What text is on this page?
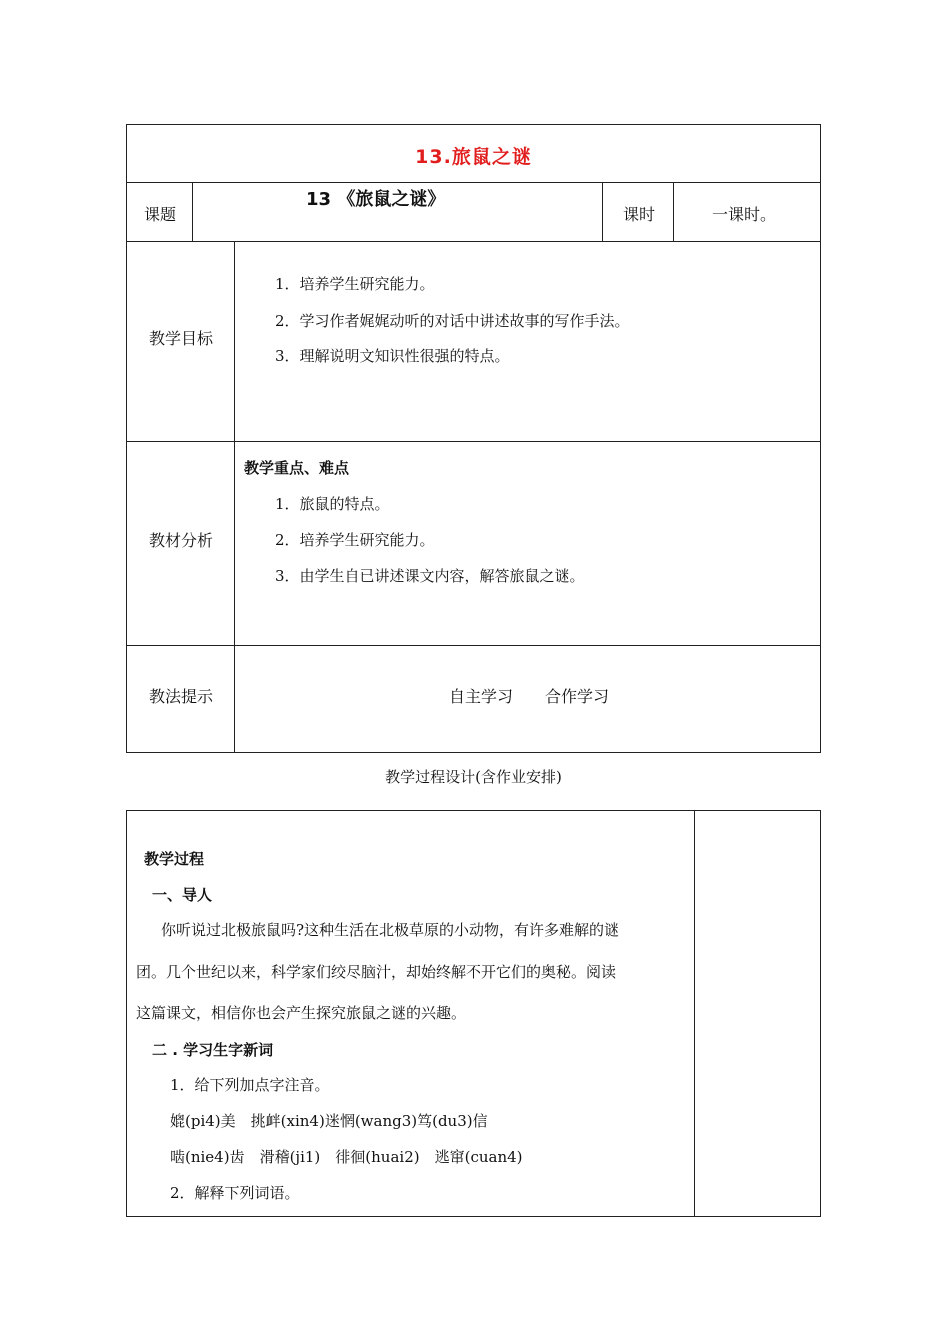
13.旅鼠之谜
课题
13 《旅鼠之谜》
课时	一课时。
教学目标
1．培养学生研究能力。
2．学习作者娓娓动听的对话中讲述故事的写作手法。
3．理解说明文知识性很强的特点。
教材分析
教学重点、难点
1．旅鼠的特点。
2．培养学生研究能力。
3．由学生自已讲述课文内容，解答旅鼠之谜。
教法提示	自主学习　　合作学习
教学过程设计(含作业安排)
教学过程
一、导人
你听说过北极旅鼠吗?这种生活在北极草原的小动物，有许多难解的谜
团。几个世纪以来，科学家们绞尽脑汁，却始终解不开它们的奥秘。阅读
这篇课文，相信你也会产生探究旅鼠之谜的兴趣。
二 . 学习生字新词
1．给下列加点字注音。
媲(pi4)美　挑衅(xin4)迷惘(wang3)笃(du3)信
啮(nie4)齿　滑稽(ji1)　徘徊(huai2)　逃窜(cuan4)
2．解释下列词语。
